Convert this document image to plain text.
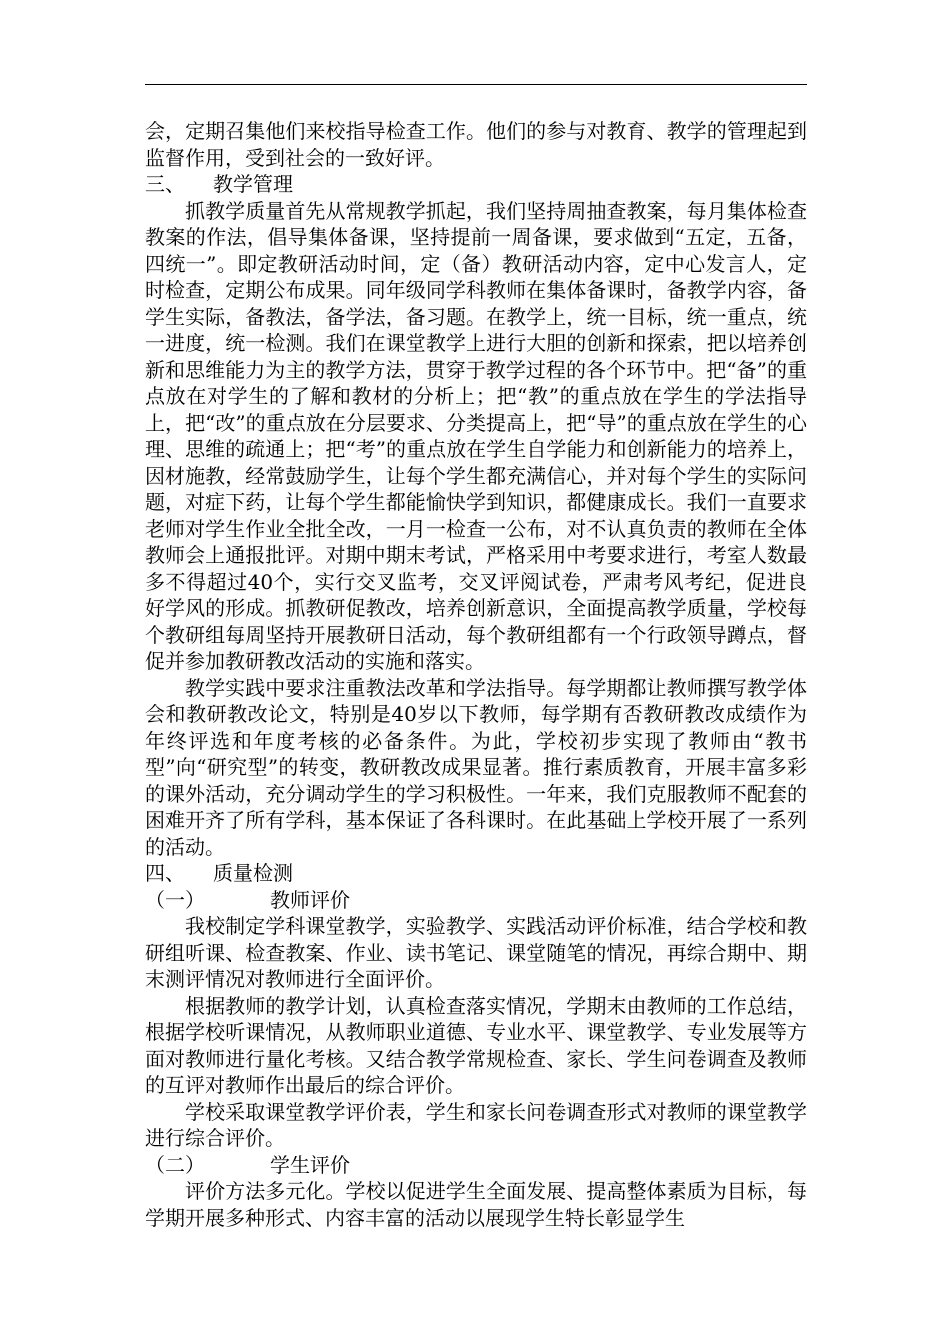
会，定期召集他们来校指导检查工作。他们的参与对教育、教学的管理起到监督作用，受到社会的一致好评。

三、 教学管理

抓教学质量首先从常规教学抓起，我们坚持周抽查教案，每月集体检查教案的作法，倡导集体备课，坚持提前一周备课，要求做到“五定，五备，四统一”。即定教研活动时间，定（备）教研活动内容，定中心发言人，定时检查，定期公布成果。同年级同学科教师在集体备课时，备教学内容，备学生实际，备教法，备学法，备习题。在教学上，统一目标，统一重点，统一进度，统一检测。我们在课堂教学上进行大胆的创新和探索，把以培养创新和思维能力为主的教学方法，贯穿于教学过程的各个环节中。把“备”的重点放在对学生的了解和教材的分析上；把“教”的重点放在学生的学法指导上，把“改”的重点放在分层要求、分类提高上，把“导”的重点放在学生的心理、思维的疏通上；把“考”的重点放在学生自学能力和创新能力的培养上，因材施教，经常鼓励学生，让每个学生都充满信心，并对每个学生的实际问题，对症下药，让每个学生都能愉快学到知识，都健康成长。我们一直要求老师对学生作业全批全改，一月一检查一公布，对不认真负责的教师在全体教师会上通报批评。对期中期末考试，严格采用中考要求进行，考室人数最多不得超过40个，实行交叉监考，交叉评阅试卷，严肃考风考纪，促进良好学风的形成。抓教研促教改，培养创新意识，全面提高教学质量，学校每个教研组每周坚持开展教研日活动，每个教研组都有一个行政领导蹲点，督促并参加教研教改活动的实施和落实。

教学实践中要求注重教法改革和学法指导。每学期都让教师撰写教学体会和教研教改论文，特别是40岁以下教师，每学期有否教研教改成绩作为年终评选和年度考核的必备条件。为此，学校初步实现了教师由“教书型”向“研究型”的转变，教研教改成果显著。推行素质教育，开展丰富多彩的课外活动，充分调动学生的学习积极性。一年来，我们克服教师不配套的困难开齐了所有学科，基本保证了各科课时。在此基础上学校开展了一系列的活动。

四、 质量检测

（一）	教师评价

我校制定学科课堂教学，实验教学、实践活动评价标准，结合学校和教研组听课、检查教案、作业、读书笔记、课堂随笔的情况，再综合期中、期末测评情况对教师进行全面评价。

根据教师的教学计划，认真检查落实情况，学期末由教师的工作总结，根据学校听课情况，从教师职业道德、专业水平、课堂教学、专业发展等方面对教师进行量化考核。又结合教学常规检查、家长、学生问卷调查及教师的互评对教师作出最后的综合评价。

学校采取课堂教学评价表，学生和家长问卷调查形式对教师的课堂教学进行综合评价。

（二）	学生评价

评价方法多元化。学校以促进学生全面发展、提高整体素质为目标，每学期开展多种形式、内容丰富的活动以展现学生特长彰显学生
